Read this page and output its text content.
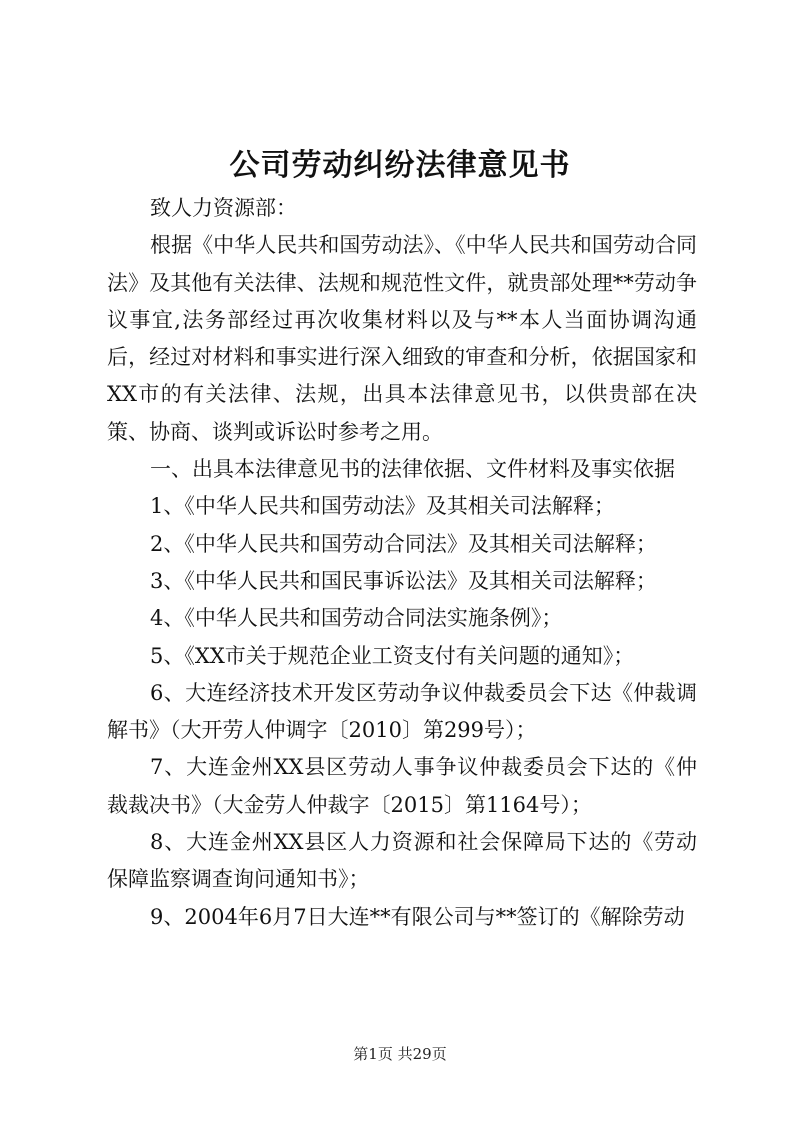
公司劳动纠纷法律意见书

致人力资源部：

根据《中华人民共和国劳动法》、《中华人民共和国劳动合同法》及其他有关法律、法规和规范性文件，就贵部处理**劳动争议事宜,法务部经过再次收集材料以及与**本人当面协调沟通后，经过对材料和事实进行深入细致的审查和分析，依据国家和XX市的有关法律、法规，出具本法律意见书，以供贵部在决策、协商、谈判或诉讼时参考之用。

一、出具本法律意见书的法律依据、文件材料及事实依据

1、《中华人民共和国劳动法》及其相关司法解释；

2、《中华人民共和国劳动合同法》及其相关司法解释；

3、《中华人民共和国民事诉讼法》及其相关司法解释；

4、《中华人民共和国劳动合同法实施条例》；

5、《XX市关于规范企业工资支付有关问题的通知》；

6、大连经济技术开发区劳动争议仲裁委员会下达《仲裁调解书》（大开劳人仲调字〔2010〕第299号）；

7、大连金州XX县区劳动人事争议仲裁委员会下达的《仲裁裁决书》（大金劳人仲裁字〔2015〕第1164号）；

8、大连金州XX县区人力资源和社会保障局下达的《劳动保障监察调查询问通知书》；

9、2004年6月7日大连**有限公司与**签订的《解除劳动

第1页 共29页
